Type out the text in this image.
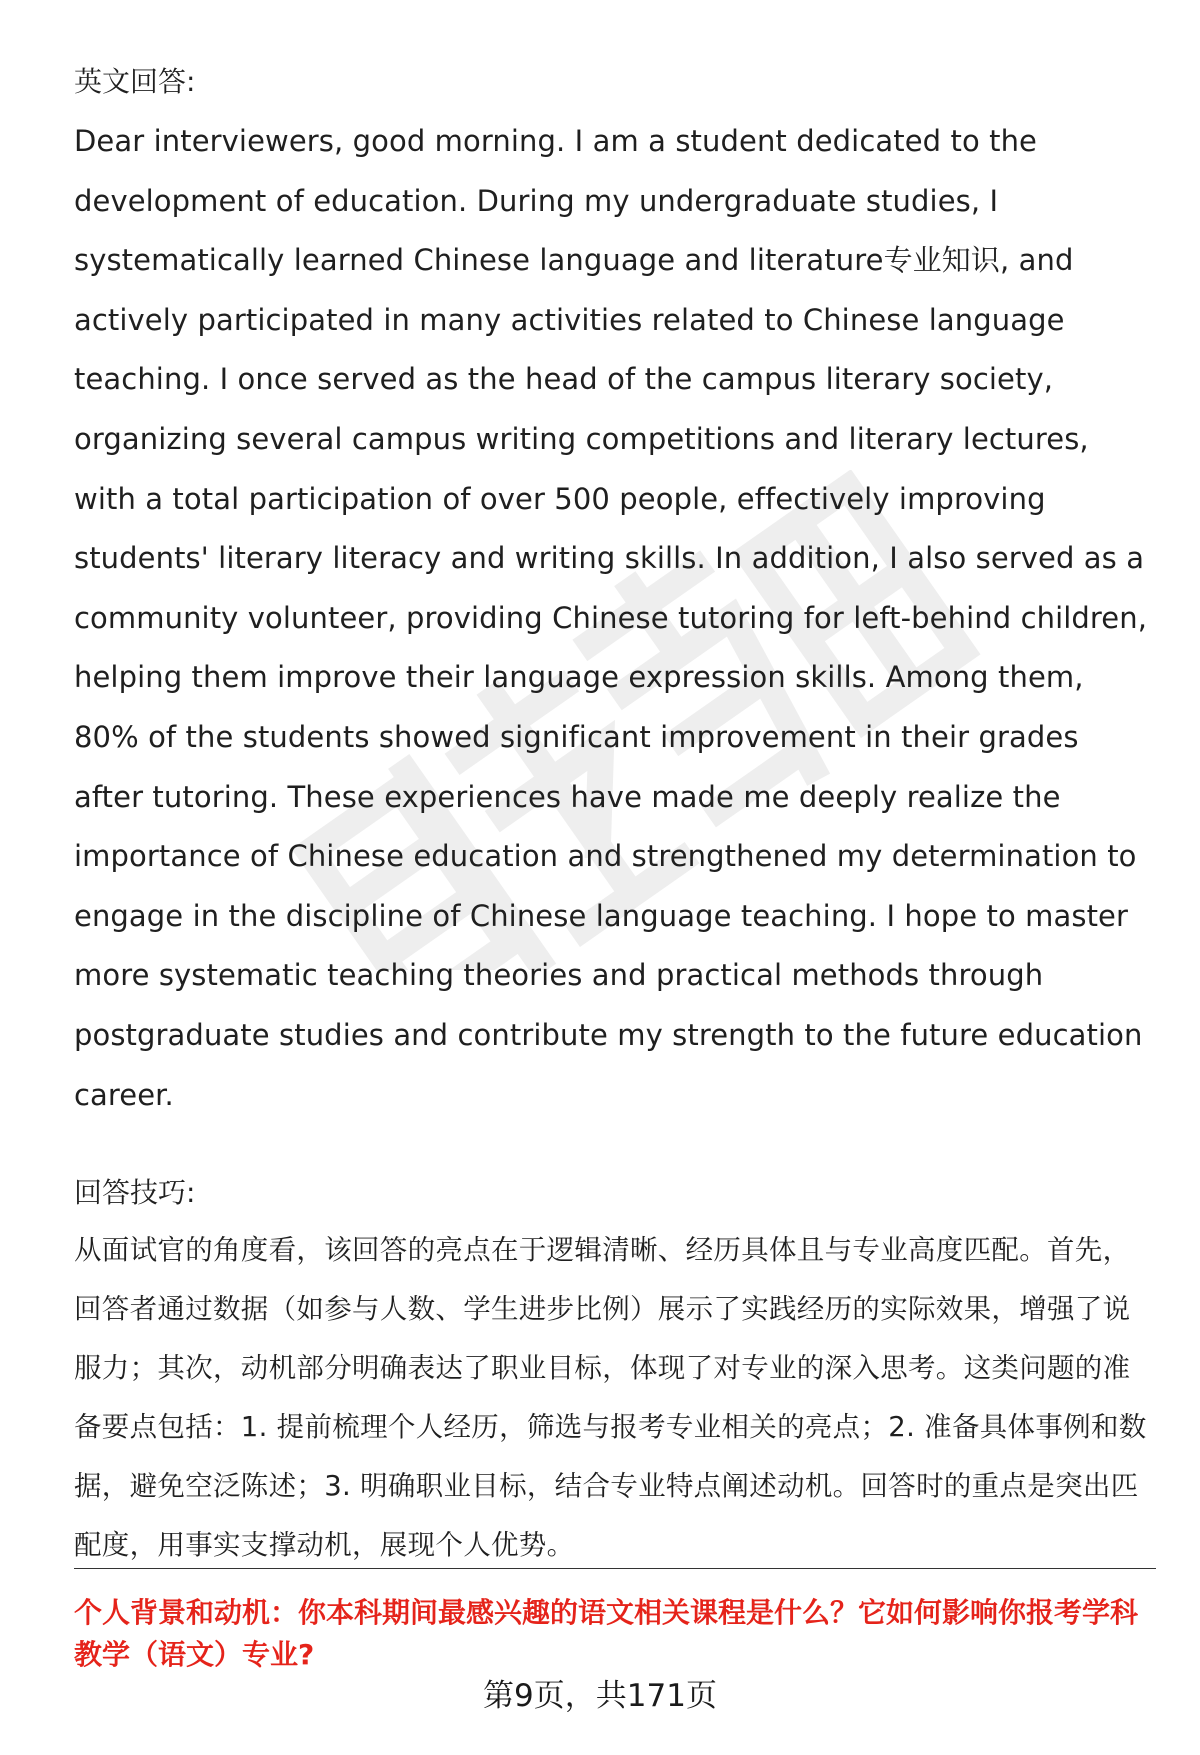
英文回答:

Dear interviewers, good morning. I am a student dedicated to the development of education. During my undergraduate studies, I systematically learned Chinese language and literature专业知识, and actively participated in many activities related to Chinese language teaching. I once served as the head of the campus literary society, organizing several campus writing competitions and literary lectures, with a total participation of over 500 people, effectively improving students' literary literacy and writing skills. In addition, I also served as a community volunteer, providing Chinese tutoring for left-behind children, helping them improve their language expression skills. Among them, 80% of the students showed significant improvement in their grades after tutoring. These experiences have made me deeply realize the importance of Chinese education and strengthened my determination to engage in the discipline of Chinese language teaching. I hope to master more systematic teaching theories and practical methods through postgraduate studies and contribute my strength to the future education career.

回答技巧:

从面试官的角度看，该回答的亮点在于逻辑清晰、经历具体且与专业高度匹配。首先，回答者通过数据（如参与人数、学生进步比例）展示了实践经历的实际效果，增强了说服力；其次，动机部分明确表达了职业目标，体现了对专业的深入思考。这类问题的准备要点包括：1. 提前梳理个人经历，筛选与报考专业相关的亮点；2. 准备具体事例和数据，避免空泛陈述；3. 明确职业目标，结合专业特点阐述动机。回答时的重点是突出匹配度，用事实支撑动机，展现个人优势。

个人背景和动机：你本科期间最感兴趣的语文相关课程是什么？它如何影响你报考学科教学（语文）专业?

第9页，共171页
